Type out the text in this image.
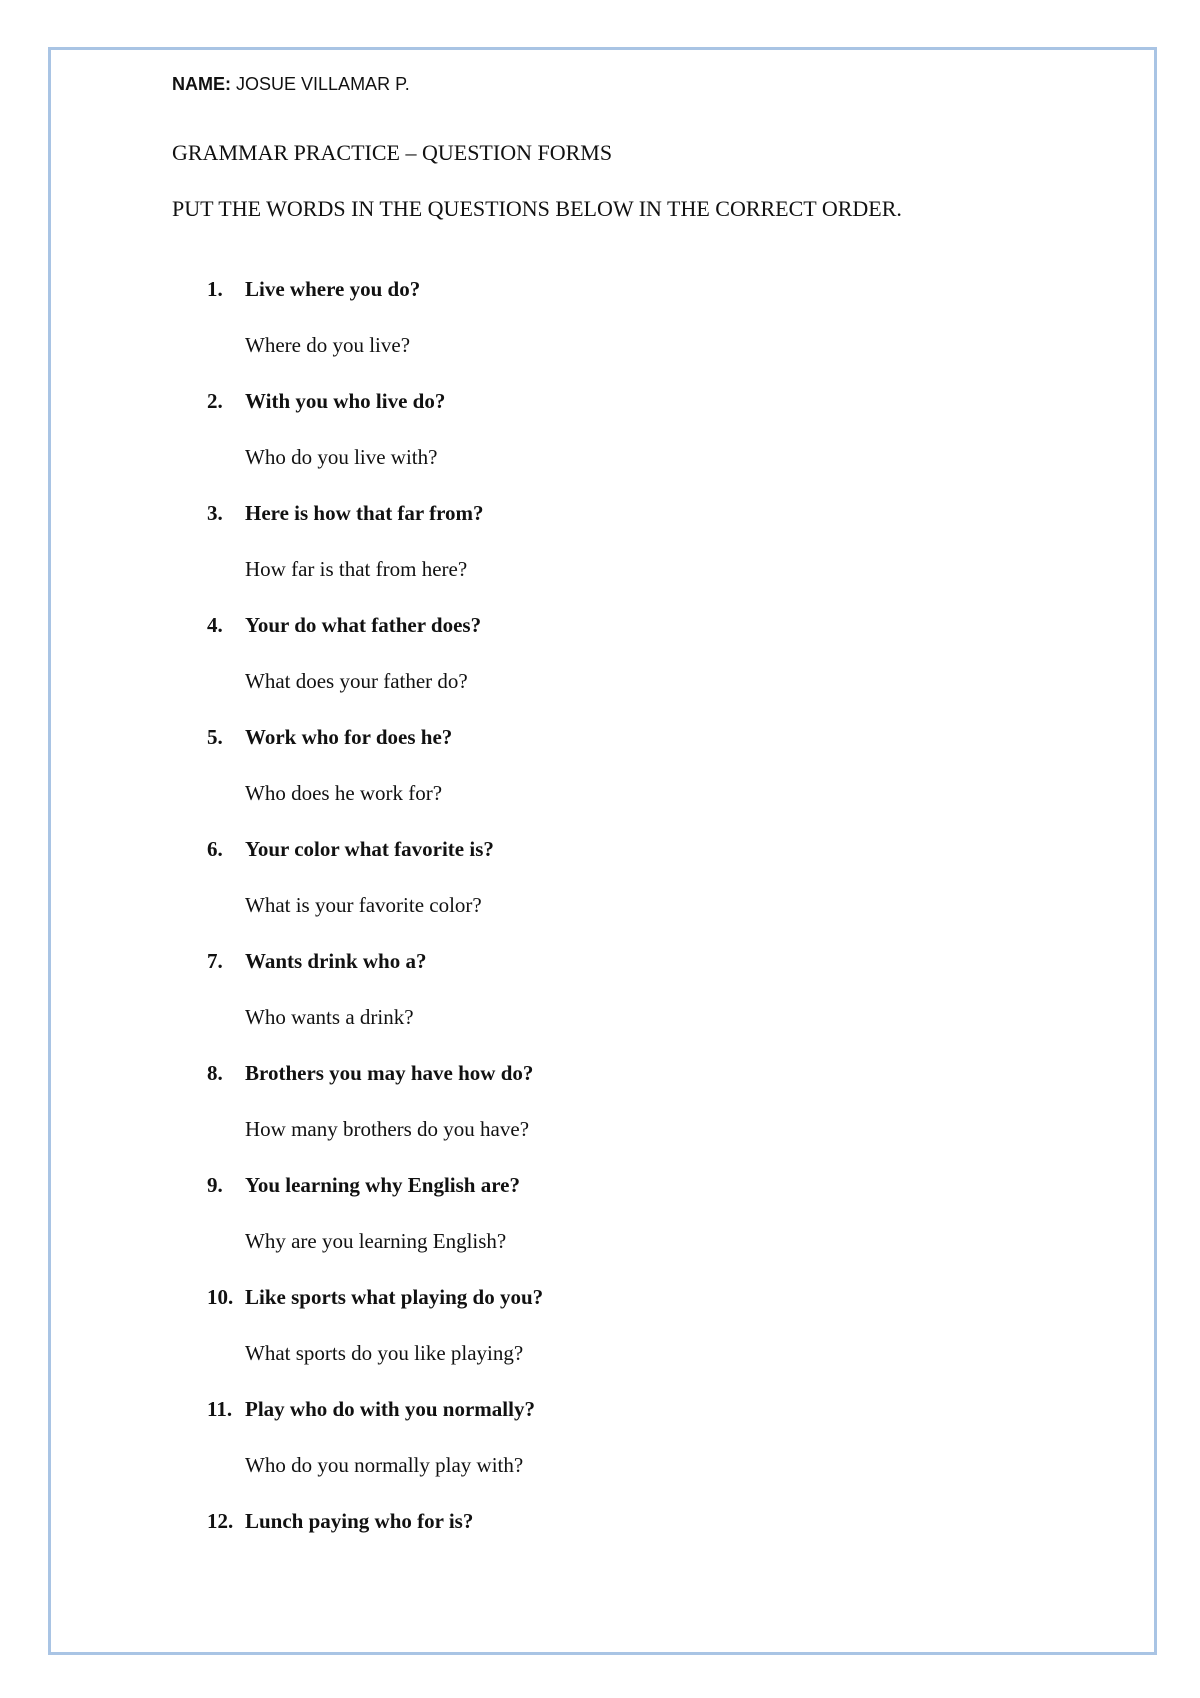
NAME: JOSUE VILLAMAR P.
GRAMMAR PRACTICE – QUESTION FORMS
PUT THE WORDS IN THE QUESTIONS BELOW IN THE CORRECT ORDER.
1.	Live where you do?
Where do you live?
2.	With you who live do?
Who do you live with?
3.	Here is how that far from?
How far is that from here?
4.	Your do what father does?
What does your father do?
5.	Work who for does he?
Who does he work for?
6.	Your color what favorite is?
What is your favorite color?
7.	Wants drink who a?
Who wants a drink?
8.	Brothers you may have how do?
How many brothers do you have?
9.	You learning why English are?
Why are you learning English?
10. Like sports what playing do you?
What sports do you like playing?
11. Play who do with you normally?
Who do you normally play with?
12. Lunch paying who for is?
